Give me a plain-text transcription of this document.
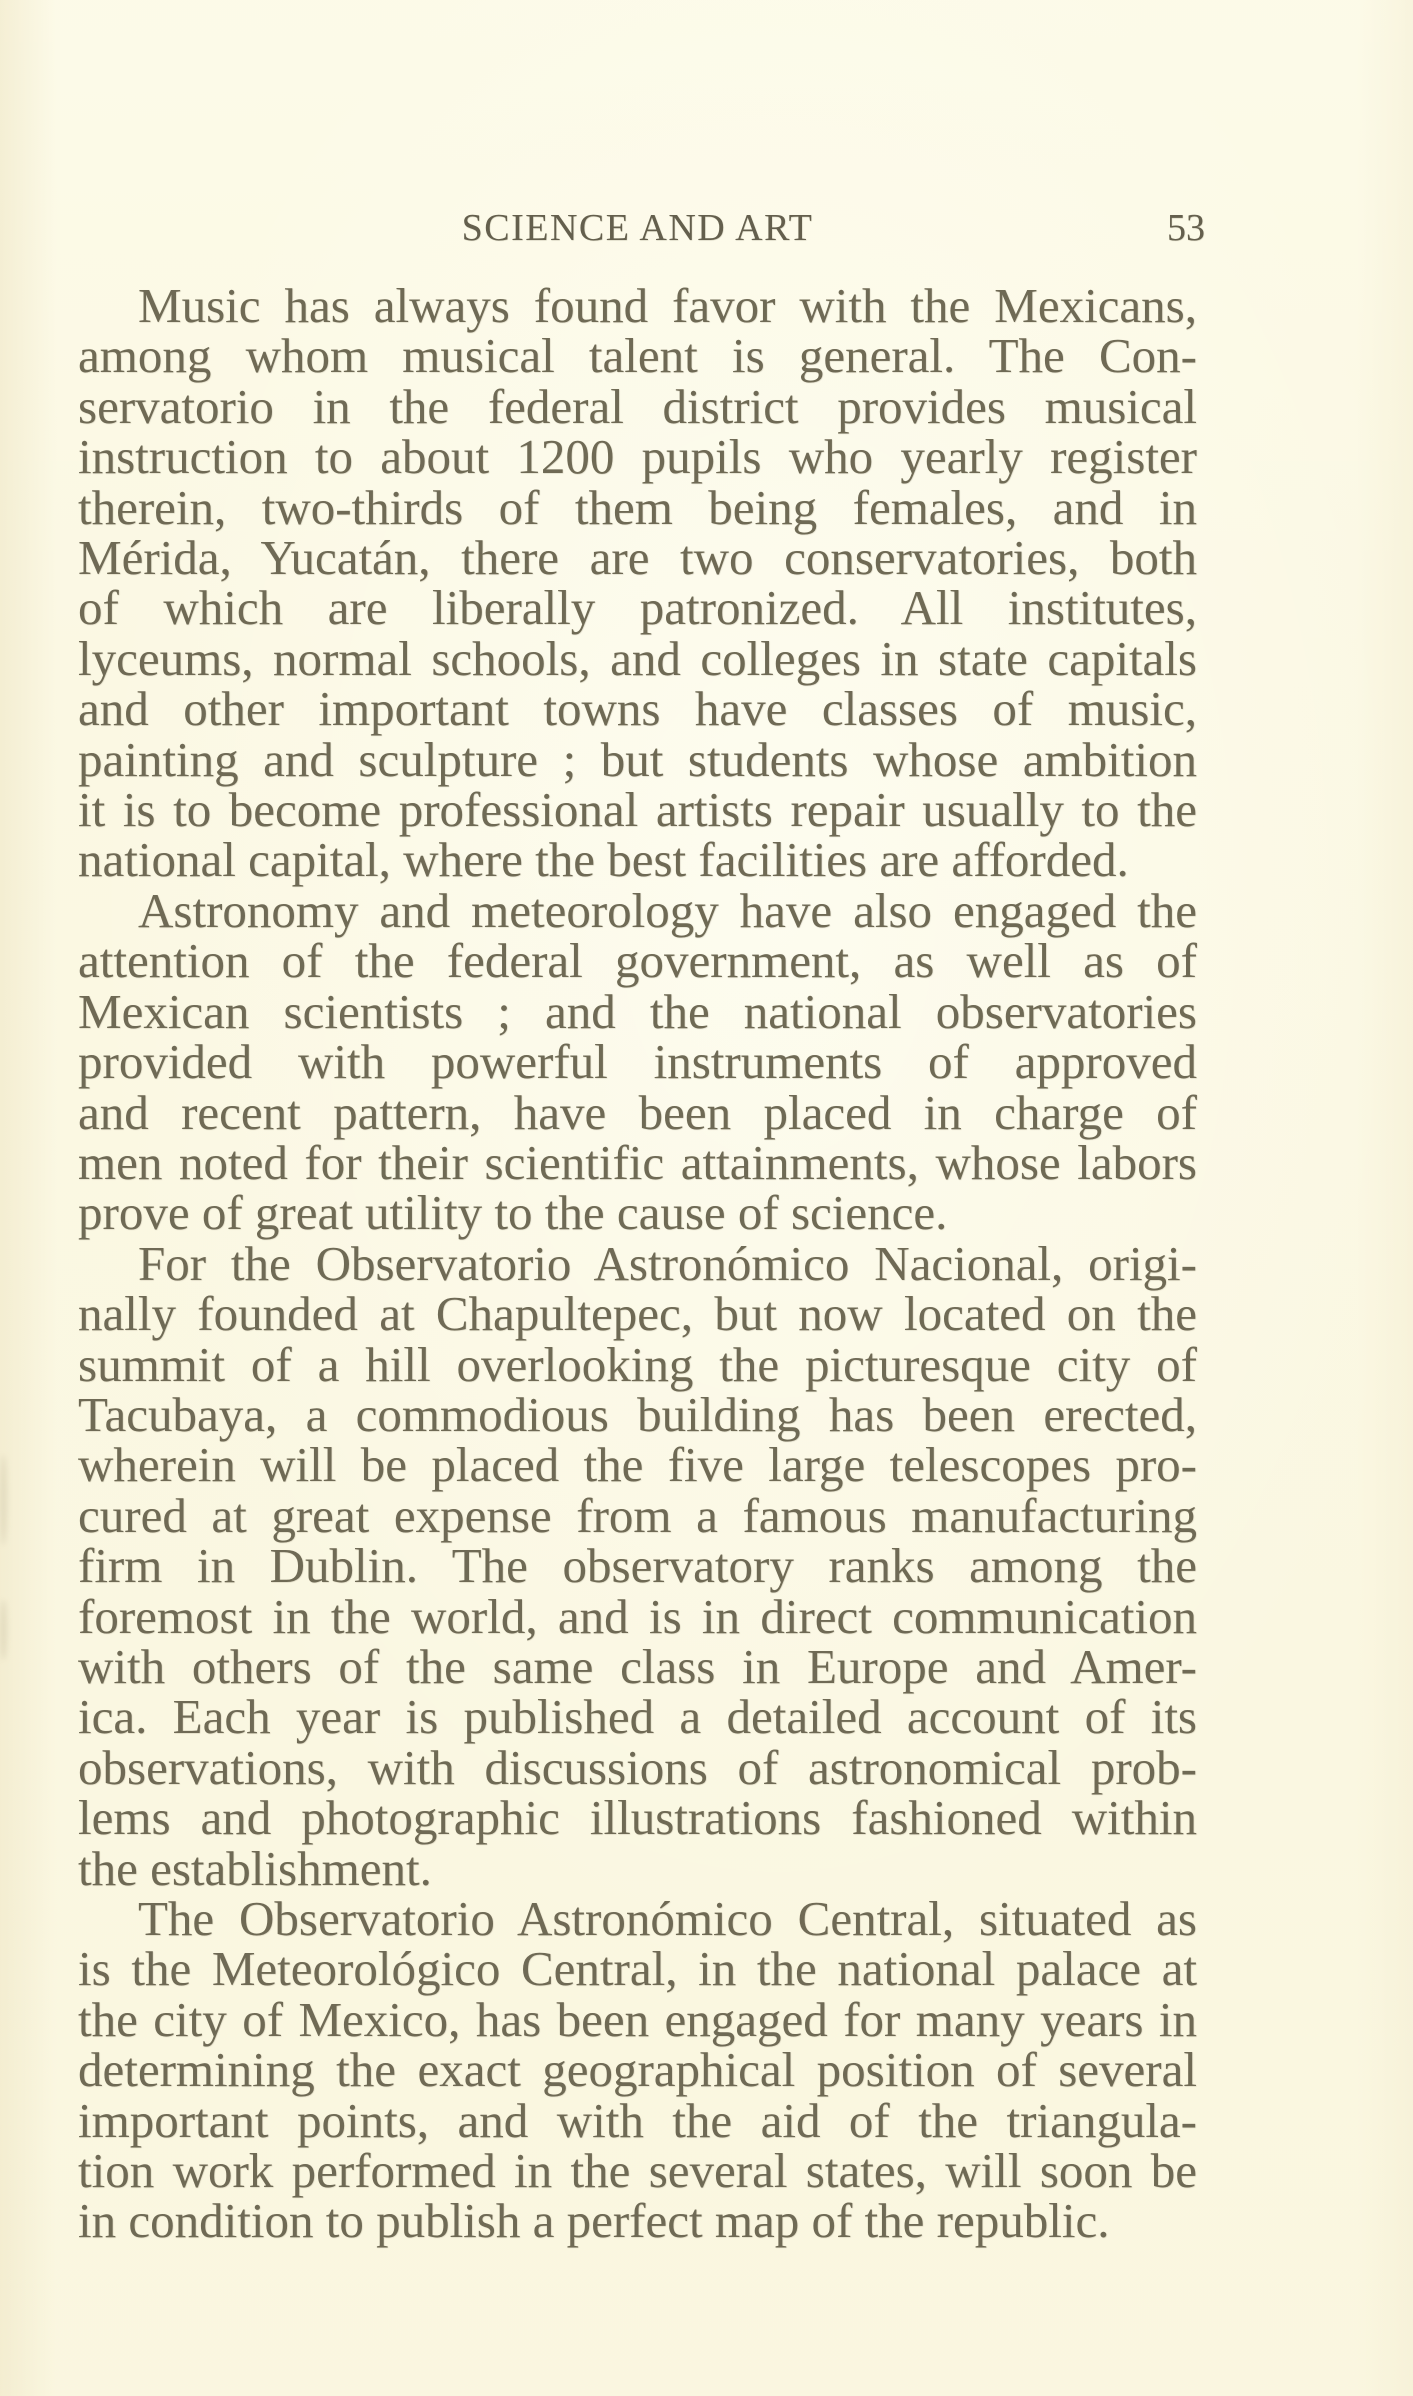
SCIENCE AND ART	53
Music has always found favor with the Mexicans,
among whom musical talent is general. The Con-
servatorio in the federal district provides musical
instruction to about 1200 pupils who yearly register
therein, two-thirds of them being females, and in
Mérida, Yucatán, there are two conservatories, both
of which are liberally patronized. All institutes,
lyceums, normal schools, and colleges in state capitals
and other important towns have classes of music,
painting and sculpture ; but students whose ambition
it is to become professional artists repair usually to the
national capital, where the best facilities are afforded.
Astronomy and meteorology have also engaged the
attention of the federal government, as well as of
Mexican scientists ; and the national observatories
provided with powerful instruments of approved
and recent pattern, have been placed in charge of
men noted for their scientific attainments, whose labors
prove of great utility to the cause of science.
For the Observatorio Astronómico Nacional, origi-
nally founded at Chapultepec, but now located on the
summit of a hill overlooking the picturesque city of
Tacubaya, a commodious building has been erected,
wherein will be placed the five large telescopes pro-
cured at great expense from a famous manufacturing
firm in Dublin. The observatory ranks among the
foremost in the world, and is in direct communication
with others of the same class in Europe and Amer-
ica. Each year is published a detailed account of its
observations, with discussions of astronomical prob-
lems and photographic illustrations fashioned within
the establishment.
The Observatorio Astronómico Central, situated as
is the Meteorológico Central, in the national palace at
the city of Mexico, has been engaged for many years in
determining the exact geographical position of several
important points, and with the aid of the triangula-
tion work performed in the several states, will soon be
in condition to publish a perfect map of the republic.
